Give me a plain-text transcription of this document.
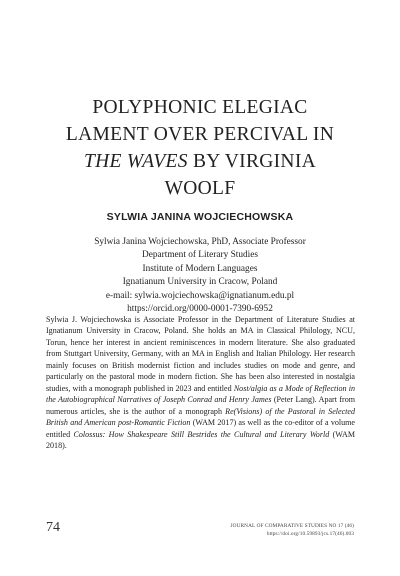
POLYPHONIC ELEGIAC
LAMENT OVER PERCIVAL IN
THE WAVES BY VIRGINIA
WOOLF
SYLWIA JANINA WOJCIECHOWSKA
Sylwia Janina Wojciechowska, PhD, Associate Professor
Department of Literary Studies
Institute of Modern Languages
Ignatianum University in Cracow, Poland
e-mail: sylwia.wojciechowska@ignatianum.edu.pl
https://orcid.org/0000-0001-7390-6952

Sylwia J. Wojciechowska is Associate Professor in the Department of Literature Studies at Ignatianum University in Cracow, Poland. She holds an MA in Classical Philology, NCU, Torun, hence her interest in ancient reminiscences in modern literature. She also graduated from Stuttgart University, Germany, with an MA in English and Italian Philology. Her research mainly focuses on British modernist fiction and includes studies on mode and genre, and particularly on the pastoral mode in modern fiction. She has been also interested in nostalgia studies, with a monograph published in 2023 and entitled Nost/algia as a Mode of Reflection in the Autobiographical Narratives of Joseph Conrad and Henry James (Peter Lang). Apart from numerous articles, she is the author of a monograph Re(Visions) of the Pastoral in Selected British and American post-Romantic Fiction (WAM 2017) as well as the co-editor of a volume entitled Colossus: How Shakespeare Still Bestrides the Cultural and Literary World (WAM 2018).

74	JOURNAL OF COMPARATIVE STUDIES NO 17 (46)
https://doi.org/10.59893/jcs.17(46).003
